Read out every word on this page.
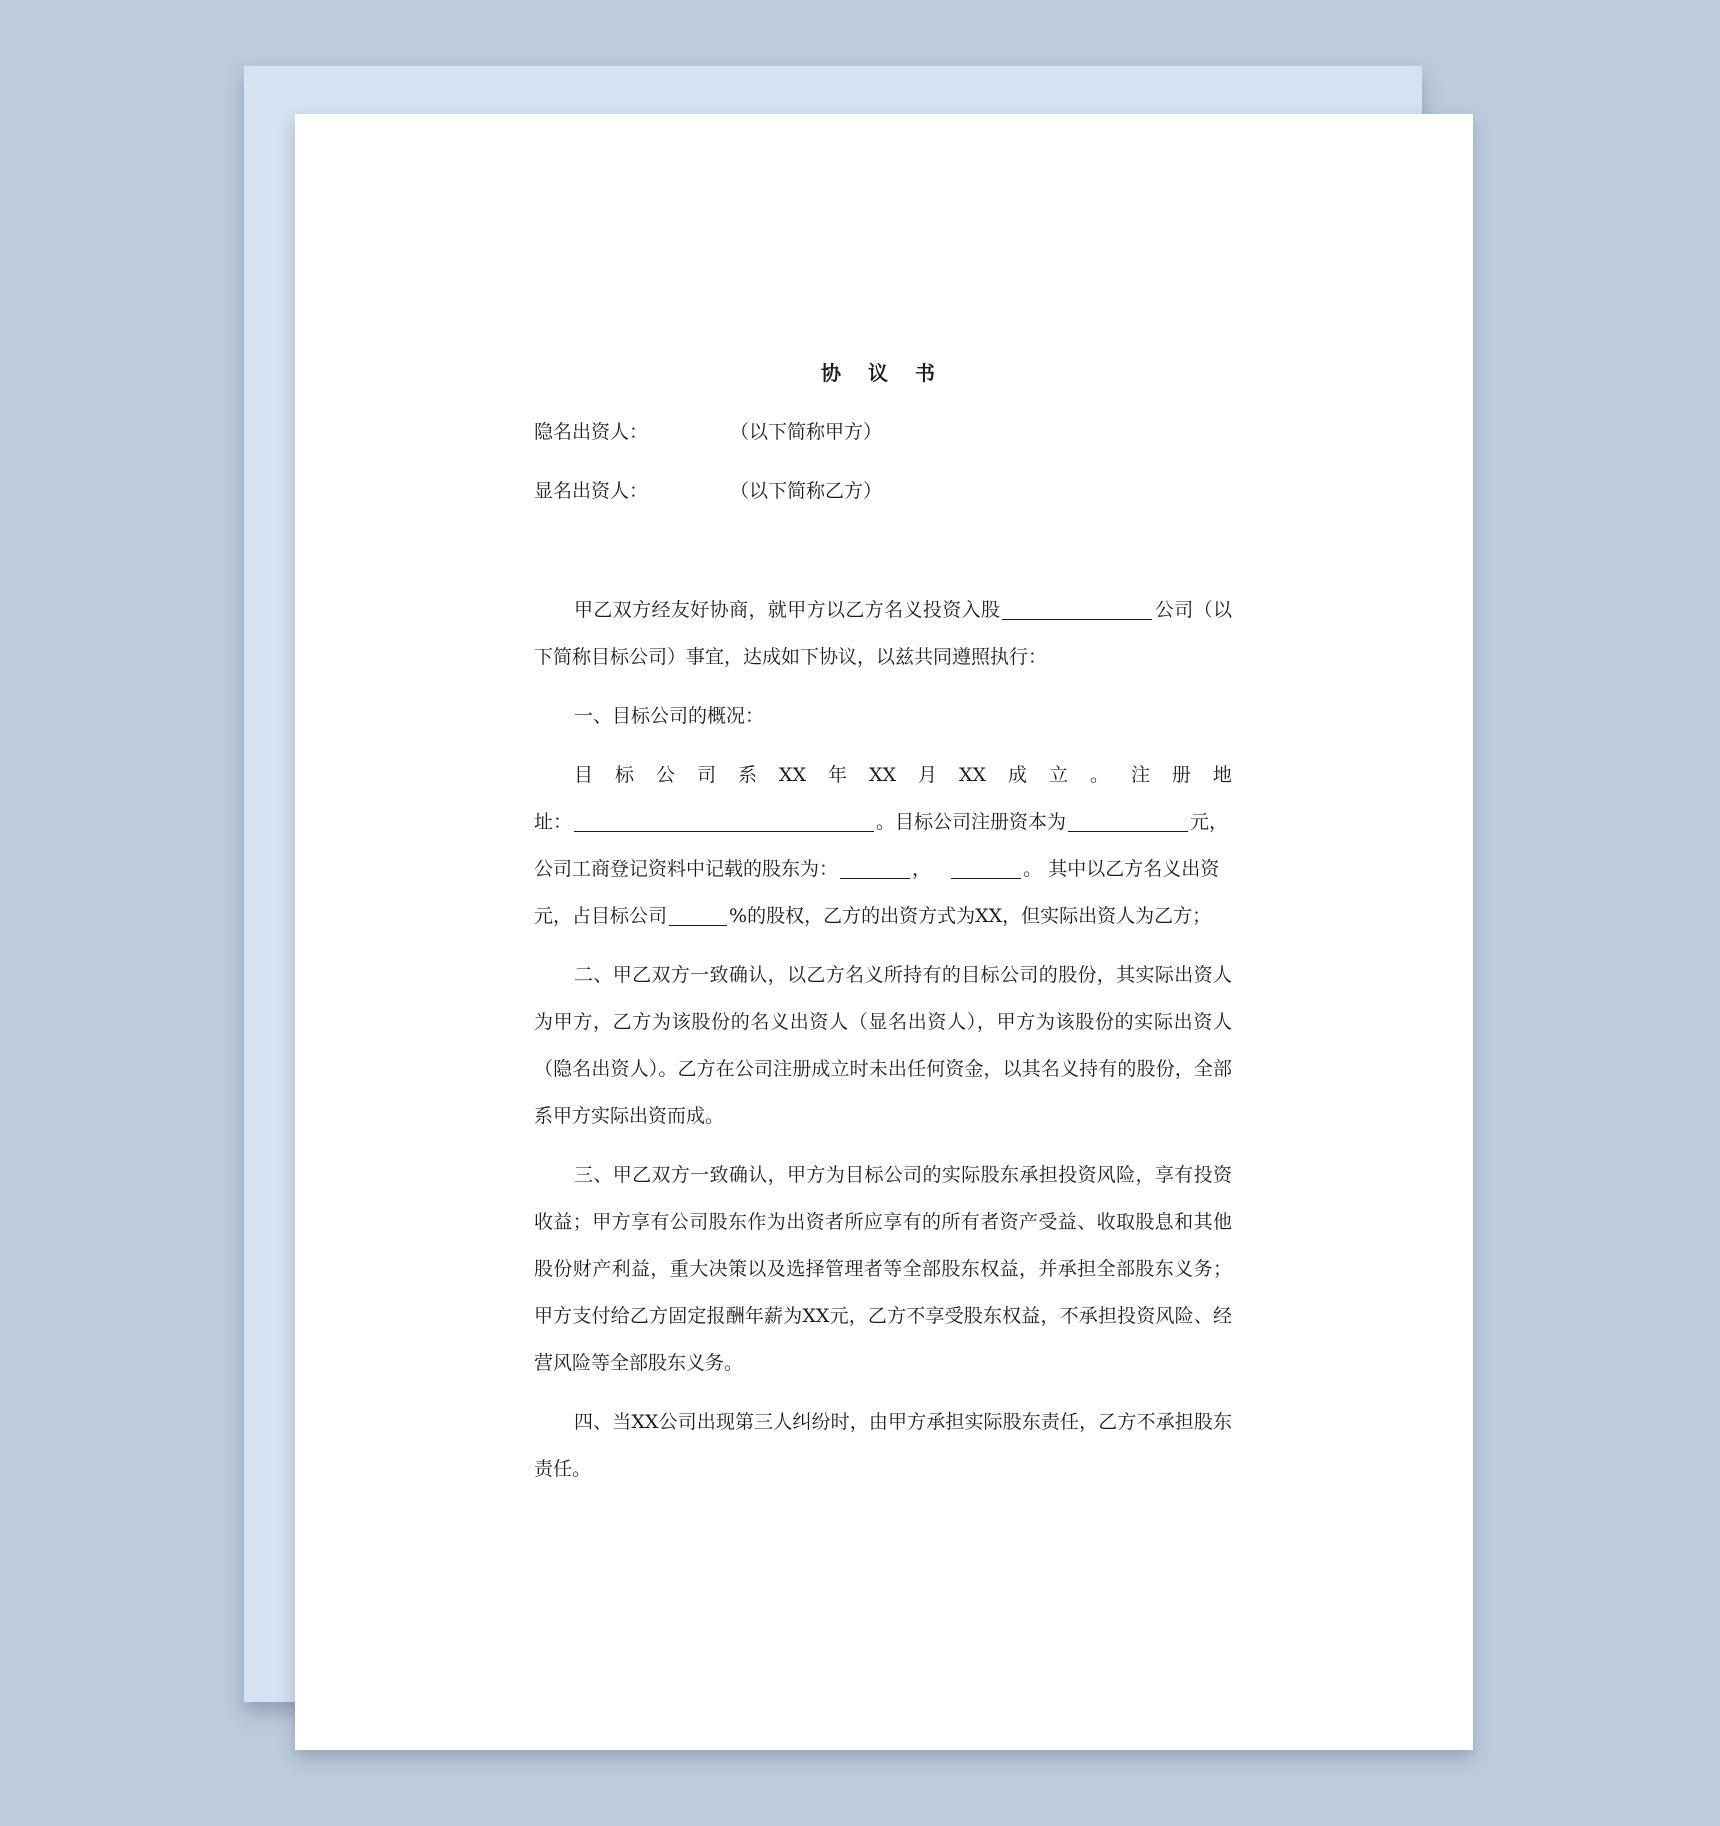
协 议 书
隐名出资人：	（以下简称甲方）
显名出资人：	（以下简称乙方）

甲乙双方经友好协商，就甲方以乙方名义投资入股	公司（以下简称目标公司）事宜，达成如下协议，以兹共同遵照执行：

一、目标公司的概况：

目 标 公 司 系 XX 年 XX 月 XX 成 立 。 注 册 地
址：	。目标公司注册资本为	元，
公司工商登记资料中记载的股东为：	，	。 其中以乙方名义出资
元，占目标公司	%的股权，乙方的出资方式为XX，但实际出资人为乙方；

二、甲乙双方一致确认，以乙方名义所持有的目标公司的股份，其实际出资人为甲方，乙方为该股份的名义出资人（显名出资人），甲方为该股份的实际出资人（隐名出资人）。乙方在公司注册成立时未出任何资金，以其名义持有的股份，全部系甲方实际出资而成。

三、甲乙双方一致确认，甲方为目标公司的实际股东承担投资风险，享有投资收益；甲方享有公司股东作为出资者所应享有的所有者资产受益、收取股息和其他股份财产利益，重大决策以及选择管理者等全部股东权益，并承担全部股东义务；甲方支付给乙方固定报酬年薪为XX元，乙方不享受股东权益，不承担投资风险、经营风险等全部股东义务。

四、当XX公司出现第三人纠纷时，由甲方承担实际股东责任，乙方不承担股东责任。
